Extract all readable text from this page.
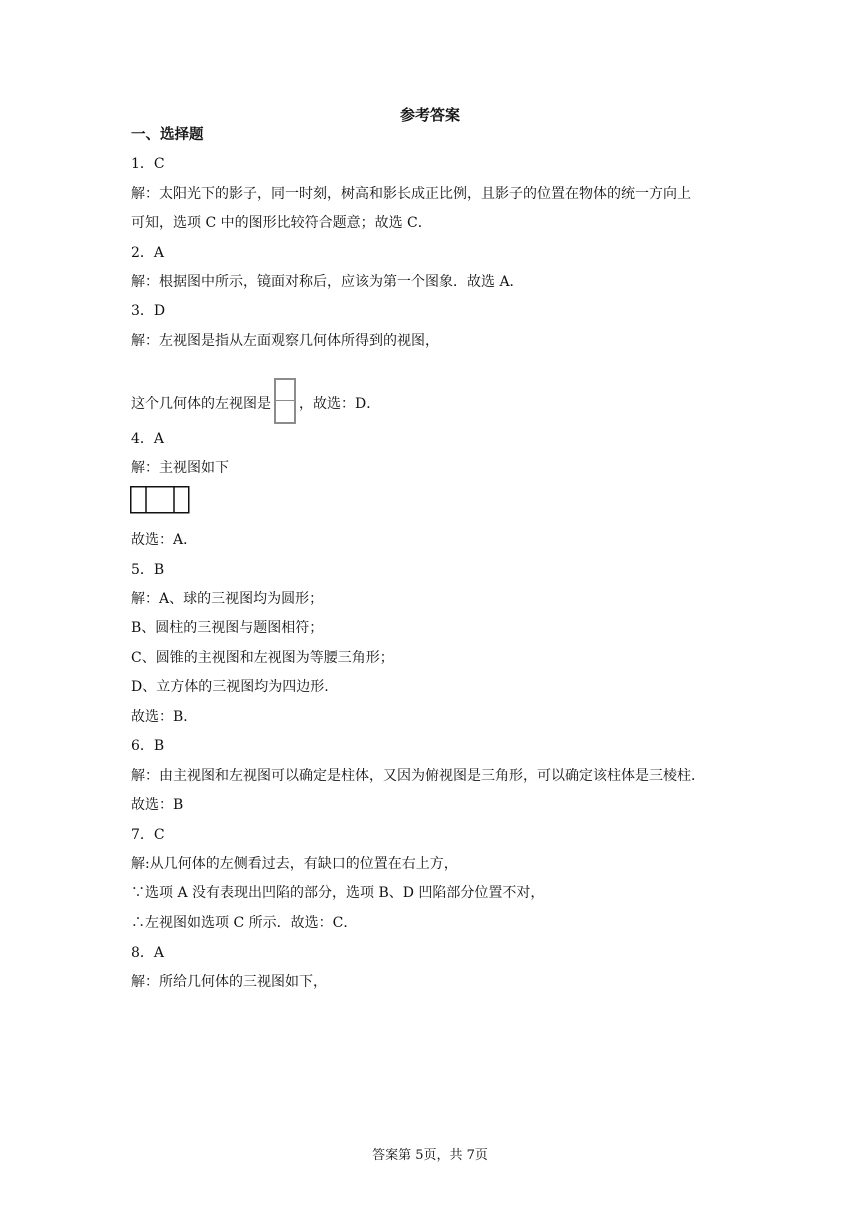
参考答案
一、选择题
1．C
解：太阳光下的影子，同一时刻，树高和影长成正比例，且影子的位置在物体的统一方向上
可知，选项 C 中的图形比较符合题意；故选 C．
2．A
解：根据图中所示，镜面对称后，应该为第一个图象．故选 A．
3．D
解：左视图是指从左面观察几何体所得到的视图，
这个几何体的左视图是 ，故选：D．
4．A
解：主视图如下
故选：A．
5．B
解：A、球的三视图均为圆形；
B、圆柱的三视图与题图相符；
C、圆锥的主视图和左视图为等腰三角形；
D、立方体的三视图均为四边形.
故选：B．
6．B
解：由主视图和左视图可以确定是柱体，又因为俯视图是三角形，可以确定该柱体是三棱柱．
故选：B
7．C
解:从几何体的左侧看过去，有缺口的位置在右上方，
∵选项 A 没有表现出凹陷的部分，选项 B、D 凹陷部分位置不对，
∴左视图如选项 C 所示．故选：C．
8．A
解：所给几何体的三视图如下，
答案第 5页，共 7页
